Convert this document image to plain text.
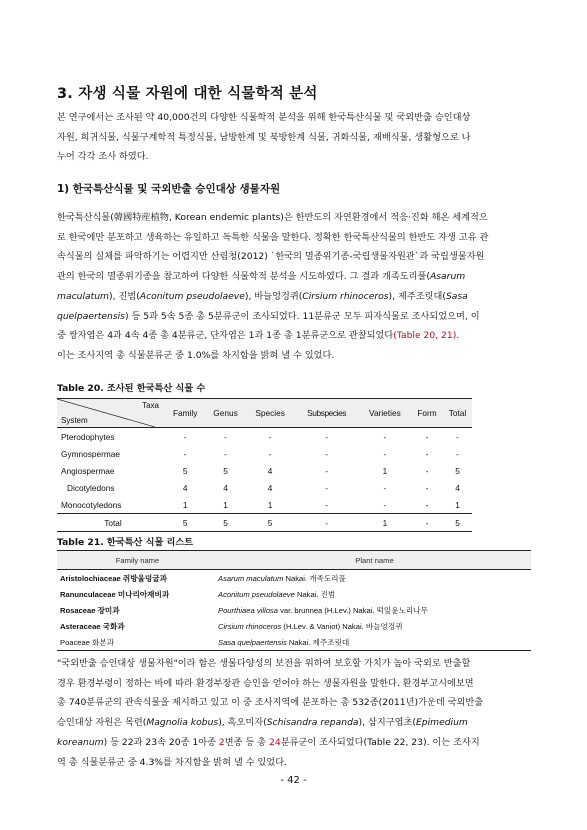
3. 자생 식물 자원에 대한 식물학적 분석
본 연구에서는 조사된 약 40,000건의 다양한 식물학적 분석을 위해 한국특산식물 및 국외반출 승인대상
자원, 희귀식물, 식물구계학적 특정식물, 남방한계 및 북방한계 식물, 귀화식물, 재배식물, 생활형으로 나
누어 각각 조사 하였다.
1) 한국특산식물 및 국외반출 승인대상 생물자원
한국특산식물(韓國特産植物, Korean endemic plants)은 한반도의 자연환경에서 적응·진화 해온 세계적으
로 한국에만 분포하고 생육하는 유일하고 독특한 식물을 말한다. 정확한 한국특산식물의 한반도 자생 고유 관
속식물의 실체를 파악하기는 어렵지만 산림청(2012) `한국의 멸종위기종-국립생물자원관`과 국립생물자원
관의 한국의 멸종위기종을 참고하여 다양한 식물학적 분석을 시도하였다. 그 결과 개족도리풀(Asarum
maculatum), 진범(Aconitum pseudolaeve), 바늘엉겅퀴(Cirsium rhinoceros), 제주조릿대(Sasa
quelpaertensis) 등 5과 5속 5종 총 5분류군이 조사되었다. 11분류군 모두 피자식물로 조사되었으며, 이
중 쌍자엽은 4과 4속 4종 총 4분류군, 단자엽은 1과 1종 총 1분류군으로 관찰되었다(Table 20, 21).
이는 조사지역 총 식물분류군 중 1.0%를 차지함을 밝혀 낼 수 있었다.
Table 20. 조사된 한국특산 식물 수
Taxa
System	Family	Genus	Species	Subspecies	Varieties	Form	Total
Pterodophytes	-	-	-	-	-	-	-
Gymnospermae	-	-	-	-	-	-	-
Angiospermae	5	5	4	-	1	-	5
Dicotyledons	4	4	4	-	-	-	4
Monocotyledons	1	1	1	-	-	-	1
Total	5	5	5	-	1	-	5
Table 21. 한국특산 식물 리스트
Family name	Plant name
Aristolochiaceae 쥐방울덩굴과	Asarum maculatum Nakai. 개족도리풀
Ranunculaceae 미나리아재비과	Aconitum pseudolaeve Nakai. 진범
Rosaceae 장미과	Pourthiaea villosa var. brunnea (H.Lev.) Nakai. 떡잎윤노리나무
Asteraceae 국화과	Cirsium rhinoceros (H.Lev. & Vaniot) Nakai. 바늘엉겅퀴
Poaceae 화본과	Sasa quelpaertensis Nakai. 제주조릿대
"국외반출 승인대상 생물자원"이라 함은 생물다양성의 보전을 위하여 보호할 가치가 높아 국외로 반출할
경우 환경부령이 정하는 바에 따라 환경부장관 승인을 얻어야 하는 생물자원을 말한다. 환경부고시에보면
총 740분류군의 관속식물을 제시하고 있고 이 중 조사지역에 분포하는 총 532종(2011년)가운데 국외반출
승인대상 자원은 목련(Magnolia kobus), 흑오미자(Schisandra repanda), 삼지구엽초(Epimedium
koreanum) 등 22과 23속 20종 1아종 2변종 등 총 24분류군이 조사되었다(Table 22, 23). 이는 조사지
역 총 식물분류군 중 4.3%를 차지함을 밝혀 낼 수 있었다.
- 42 -
